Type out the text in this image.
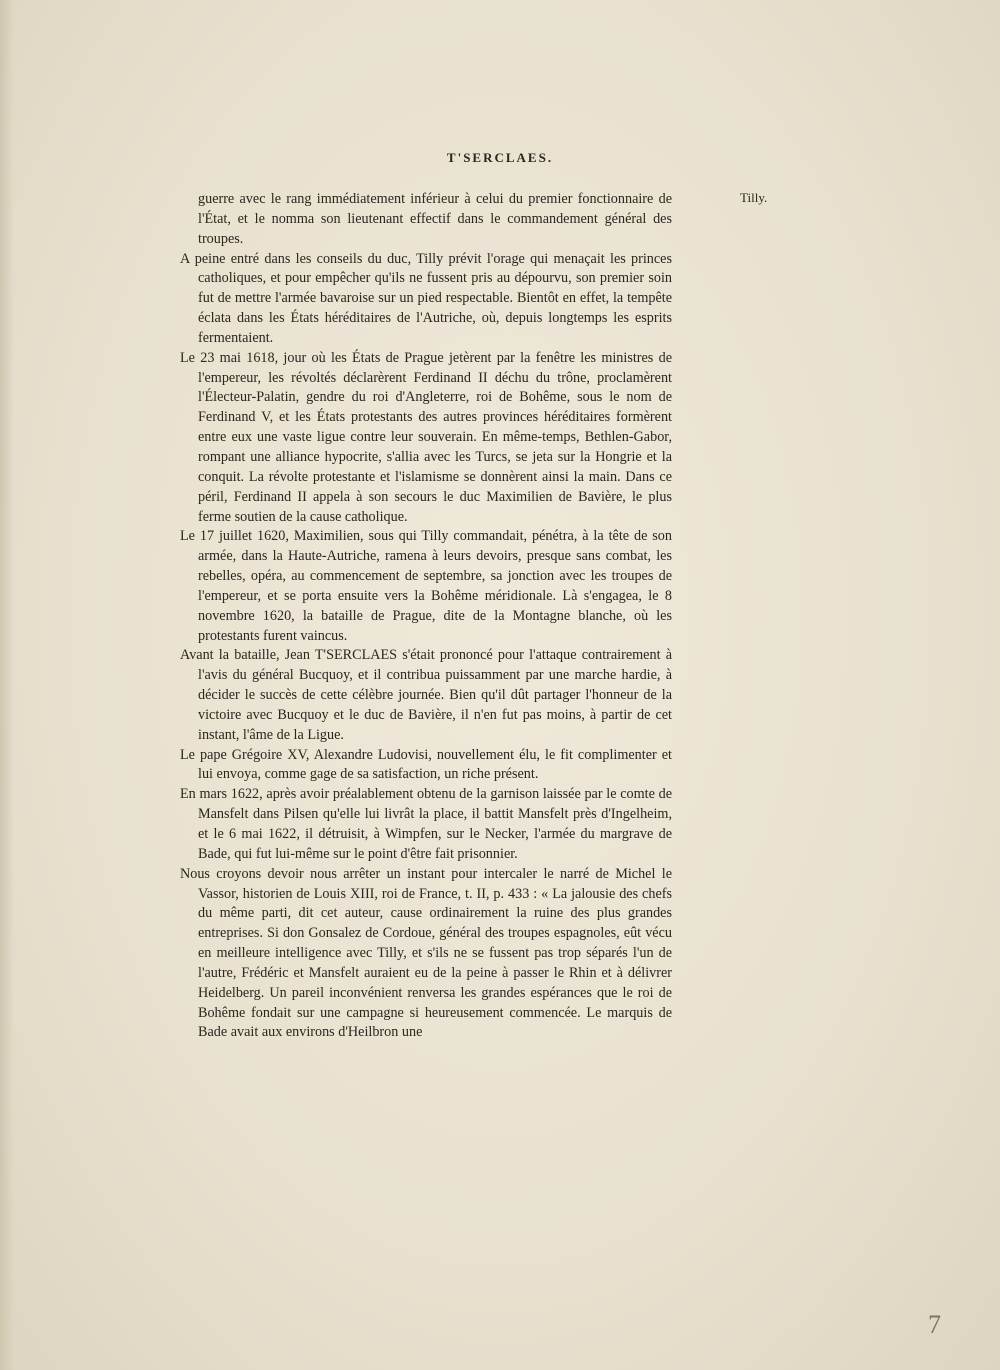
T'SERCLAES.
Tilly.

guerre avec le rang immédiatement inférieur à celui du premier fonctionnaire de l'État, et le nomma son lieutenant effectif dans le commandement général des troupes.

A peine entré dans les conseils du duc, Tilly prévit l'orage qui menaçait les princes catholiques, et pour empêcher qu'ils ne fussent pris au dépourvu, son premier soin fut de mettre l'armée bavaroise sur un pied respectable. Bientôt en effet, la tempête éclata dans les États héréditaires de l'Autriche, où, depuis longtemps les esprits fermentaient.

Le 23 mai 1618, jour où les États de Prague jetèrent par la fenêtre les ministres de l'empereur, les révoltés déclarèrent Ferdinand II déchu du trône, proclamèrent l'Électeur-Palatin, gendre du roi d'Angleterre, roi de Bohême, sous le nom de Ferdinand V, et les États protestants des autres provinces héréditaires formèrent entre eux une vaste ligue contre leur souverain. En même-temps, Bethlen-Gabor, rompant une alliance hypocrite, s'allia avec les Turcs, se jeta sur la Hongrie et la conquit. La révolte protestante et l'islamisme se donnèrent ainsi la main. Dans ce péril, Ferdinand II appela à son secours le duc Maximilien de Bavière, le plus ferme soutien de la cause catholique.

Le 17 juillet 1620, Maximilien, sous qui Tilly commandait, pénétra, à la tête de son armée, dans la Haute-Autriche, ramena à leurs devoirs, presque sans combat, les rebelles, opéra, au commencement de septembre, sa jonction avec les troupes de l'empereur, et se porta ensuite vers la Bohême méridionale. Là s'engagea, le 8 novembre 1620, la bataille de Prague, dite de la Montagne blanche, où les protestants furent vaincus.

Avant la bataille, Jean T'SERCLAES s'était prononcé pour l'attaque contrairement à l'avis du général Bucquoy, et il contribua puissamment par une marche hardie, à décider le succès de cette célèbre journée. Bien qu'il dût partager l'honneur de la victoire avec Bucquoy et le duc de Bavière, il n'en fut pas moins, à partir de cet instant, l'âme de la Ligue.

Le pape Grégoire XV, Alexandre Ludovisi, nouvellement élu, le fit complimenter et lui envoya, comme gage de sa satisfaction, un riche présent.

En mars 1622, après avoir préalablement obtenu de la garnison laissée par le comte de Mansfelt dans Pilsen qu'elle lui livrât la place, il battit Mansfelt près d'Ingelheim, et le 6 mai 1622, il détruisit, à Wimpfen, sur le Necker, l'armée du margrave de Bade, qui fut lui-même sur le point d'être fait prisonnier.

Nous croyons devoir nous arrêter un instant pour intercaler le narré de Michel le Vassor, historien de Louis XIII, roi de France, t. II, p. 433 : « La jalousie des chefs du même parti, dit cet auteur, cause ordinairement la ruine des plus grandes entreprises. Si don Gonsalez de Cordoue, général des troupes espagnoles, eût vécu en meilleure intelligence avec Tilly, et s'ils ne se fussent pas trop séparés l'un de l'autre, Frédéric et Mansfelt auraient eu de la peine à passer le Rhin et à délivrer Heidelberg. Un pareil inconvénient renversa les grandes espérances que le roi de Bohême fondait sur une campagne si heureusement commencée. Le marquis de Bade avait aux environs d'Heilbron une

7
